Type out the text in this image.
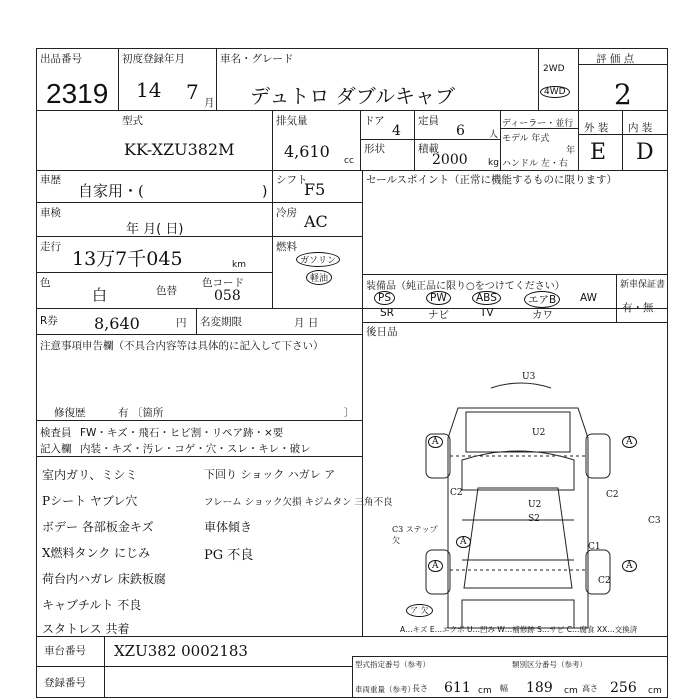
出品番号
2319
初度登録年月
14 7 月
車名・グレード
デュトロ ダブルキャブ
2WD
4WD
評 価 点
2
型式
KK-XZU382M
排気量
4,610 cc
ドア
4
定員
6	人
形状	積載
2000 kg
ディーラー・並行
モデル 年式
年
ハンドル 左・右
外 装 内 装
E D
車歴
自家用・(	)
シフト
F5
車検
年 月( 日)
冷房 AC
走行
13万7千045	km
燃料
ガソリン
軽油
色
白	色替
色コード
058
R券 8,640	円 名変期限	月 日
セールスポイント（正常に機能するものに限ります）
装備品（純正品に限り○をつけてください）	新車保証書
有・無
PS	PW	ABS	エアB	AW
SR	ナビ	TV	カワ
後日品
注意事項申告欄（不具合内容等は具体的に記入して下さい）
修復歴	有 〔箇所	〕
検査員 FW・キズ・飛石・ヒビ割・リペア跡・×要
記入欄 内装・キズ・汚レ・コゲ・穴・スレ・キレ・破レ
室内ガリ、ミシミ
Pシート ヤブレ穴
ボデー 各部板金キズ
X燃料タンク にじみ
荷台内ハガレ 床鉄板腐
キャブチルト 不良
スタトレス 共着
下回り ショック ハガレ ア
フレーム ショック欠損 キジムタン 三角不良
車体傾き
PG 不良
U3
U2
A
C2	C2
U2
S2
C3 ステップ欠
C1
C3
A
A	A
A
C2
ア 欠
A…キズ E…エクボ U…凹み W…補修跡 S…サビ C…腐食 XX…交換済
車台番号 XZU382 0002183
登録番号
型式指定番号（参考）	類別区分番号（参考）
車両重量（参考）
長さ 611 cm 幅 189 cm 高さ 256 cm
